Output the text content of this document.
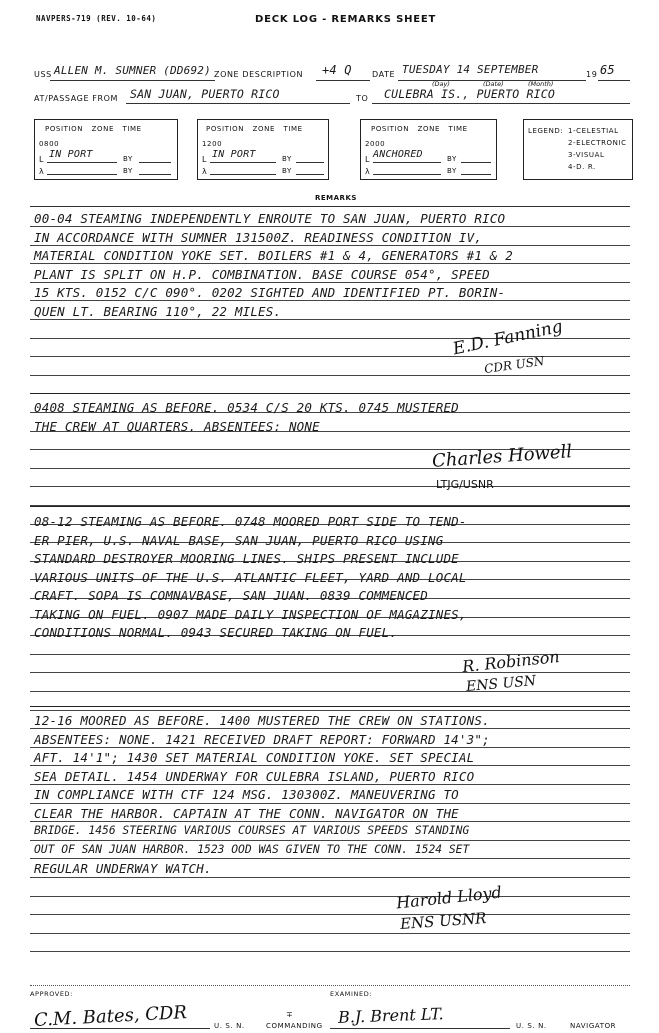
NAVPERS-719 (REV. 10-64)	DECK LOG - REMARKS SHEET
USS ALLEN M. SUMNER (DD692) ZONE DESCRIPTION +4 Q	DATE TUESDAY 14 SEPTEMBER	19 65
(Day)	(Date)	(Month)
AT/PASSAGE FROM SAN JUAN, PUERTO RICO	TO CULEBRA IS., PUERTO RICO
POSITION   ZONE   TIME
0800
L IN PORT	BY
λ	BY
POSITION   ZONE   TIME
1200
L IN PORT	BY
λ	BY
POSITION   ZONE   TIME
2000
L ANCHORED	BY
λ	BY
LEGEND: 1-CELESTIAL
2-ELECTRONIC
3-VISUAL
4-D. R.
REMARKS
00-04 STEAMING INDEPENDENTLY ENROUTE TO SAN JUAN, PUERTO RICO
IN ACCORDANCE WITH SUMNER 131500Z. READINESS CONDITION IV,
MATERIAL CONDITION YOKE SET. BOILERS #1 & 4, GENERATORS #1 & 2
PLANT IS SPLIT ON H.P. COMBINATION. BASE COURSE 054°, SPEED
15 KTS. 0152 C/C 090°. 0202 SIGHTED AND IDENTIFIED PT. BORIN-
QUEN LT. BEARING 110°, 22 MILES.
E.D. Fanning
CDR USN
0408 STEAMING AS BEFORE. 0534 C/S 20 KTS. 0745 MUSTERED
THE CREW AT QUARTERS. ABSENTEES: NONE
Charles Howell
LTJG/USNR
08-12 STEAMING AS BEFORE. 0748 MOORED PORT SIDE TO TEND-
ER PIER, U.S. NAVAL BASE, SAN JUAN, PUERTO RICO USING
STANDARD DESTROYER MOORING LINES. SHIPS PRESENT INCLUDE
VARIOUS UNITS OF THE U.S. ATLANTIC FLEET, YARD AND LOCAL
CRAFT. SOPA IS COMNAVBASE, SAN JUAN. 0839 COMMENCED
TAKING ON FUEL. 0907 MADE DAILY INSPECTION OF MAGAZINES,
CONDITIONS NORMAL. 0943 SECURED TAKING ON FUEL.
R. Robinson
ENS USN
12-16 MOORED AS BEFORE. 1400 MUSTERED THE CREW ON STATIONS.
ABSENTEES: NONE. 1421 RECEIVED DRAFT REPORT: FORWARD 14'3";
AFT. 14'1"; 1430 SET MATERIAL CONDITION YOKE. SET SPECIAL
SEA DETAIL. 1454 UNDERWAY FOR CULEBRA ISLAND, PUERTO RICO
IN COMPLIANCE WITH CTF 124 MSG. 130300Z. MANEUVERING TO
CLEAR THE HARBOR. CAPTAIN AT THE CONN. NAVIGATOR ON THE
BRIDGE. 1456 STEERING VARIOUS COURSES AT VARIOUS SPEEDS STANDING
OUT OF SAN JUAN HARBOR. 1523 OOD WAS GIVEN TO THE CONN. 1524 SET
REGULAR UNDERWAY WATCH.
Harold Lloyd
ENS USNR
APPROVED:
C.M. Bates, CDR	U. S. N.
∓
COMMANDING
EXAMINED:
B.J. Brent LT.	U. S. N.	NAVIGATOR
